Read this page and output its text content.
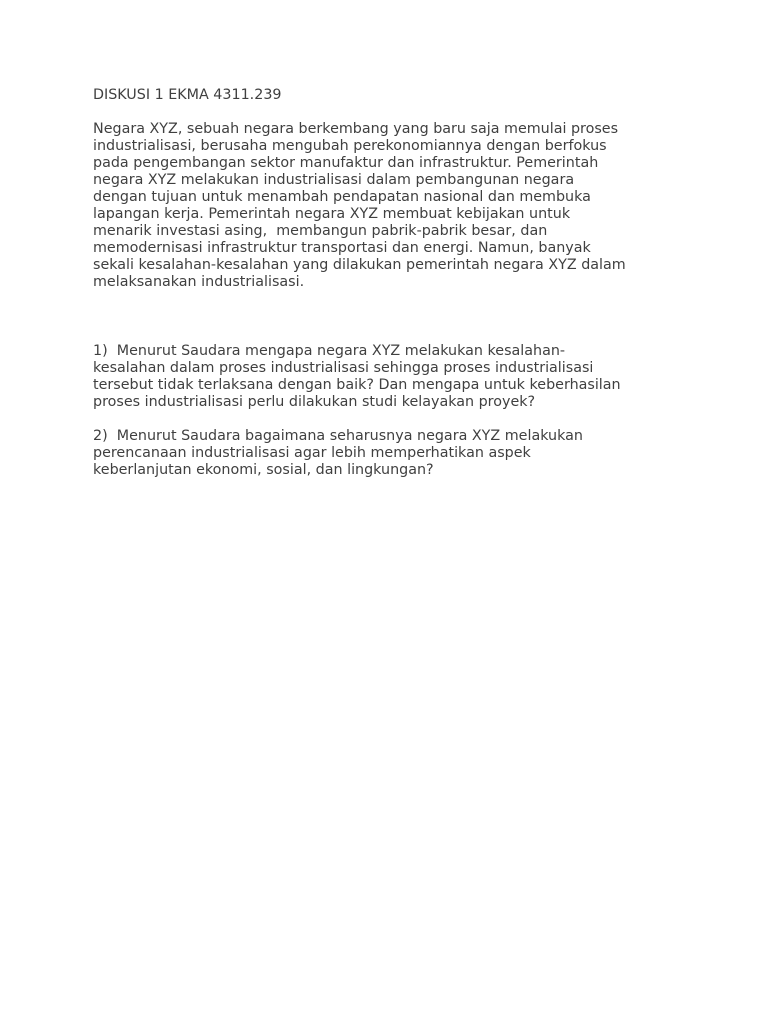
DISKUSI 1 EKMA 4311.239
Negara XYZ, sebuah negara berkembang yang baru saja memulai proses
industrialisasi, berusaha mengubah perekonomiannya dengan berfokus
pada pengembangan sektor manufaktur dan infrastruktur. Pemerintah
negara XYZ melakukan industrialisasi dalam pembangunan negara
dengan tujuan untuk menambah pendapatan nasional dan membuka
lapangan kerja. Pemerintah negara XYZ membuat kebijakan untuk
menarik investasi asing,  membangun pabrik-pabrik besar, dan
memodernisasi infrastruktur transportasi dan energi. Namun, banyak
sekali kesalahan-kesalahan yang dilakukan pemerintah negara XYZ dalam
melaksanakan industrialisasi.
1)  Menurut Saudara mengapa negara XYZ melakukan kesalahan-
kesalahan dalam proses industrialisasi sehingga proses industrialisasi
tersebut tidak terlaksana dengan baik? Dan mengapa untuk keberhasilan
proses industrialisasi perlu dilakukan studi kelayakan proyek?
2)  Menurut Saudara bagaimana seharusnya negara XYZ melakukan
perencanaan industrialisasi agar lebih memperhatikan aspek
keberlanjutan ekonomi, sosial, dan lingkungan?
